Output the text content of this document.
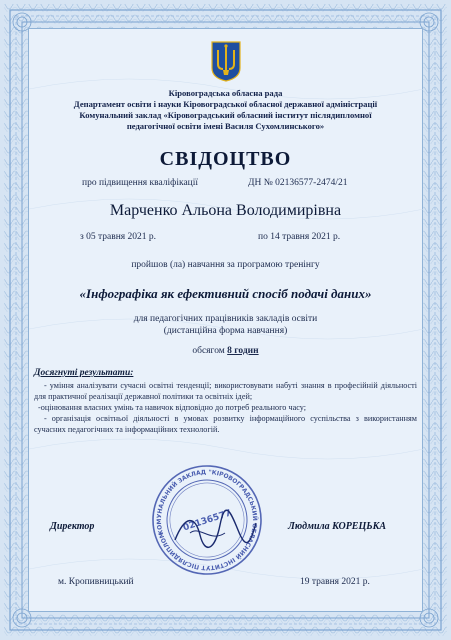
Кіровоградська обласна рада
Департамент освіти і науки Кіровоградської обласної державної адміністрації
Комунальний заклад «Кіровоградський обласний інститут післядипломної
педагогічної освіти імені Василя Сухомлинського»
СВІДОЦТВО
про підвищення кваліфікації	ДН № 02136577-2474/21
Марченко Альона Володимирівна
з 05 травня 2021 р.	по 14 травня 2021 р.
пройшов (ла) навчання за програмою тренінгу
«Інфографіка як ефективний спосіб подачі даних»
для педагогічних працівників закладів освіти
(дистанційна форма навчання)
обсягом 8 годин
Досягнуті результати:
- уміння аналізувати сучасні освітні тенденції; використовувати набуті знання в професійній діяльності для практичної реалізації державної політики та освітніх ідей;
-оцінювання власних умінь та навичок відповідно до потреб реального часу;
- організація освітньої діяльності в умовах розвитку інформаційного суспільства з використанням сучасних педагогічних та інформаційних технологій.
КОМУНАЛЬНИЙ ЗАКЛАД "КІРОВОГРАДСЬКИЙ ОБЛАСНИЙ ІНСТИТУТ ПІСЛЯДИПЛОМНОЇ
02136577
Директор	Людмила КОРЕЦЬКА
м. Кропивницький	19 травня 2021 р.
